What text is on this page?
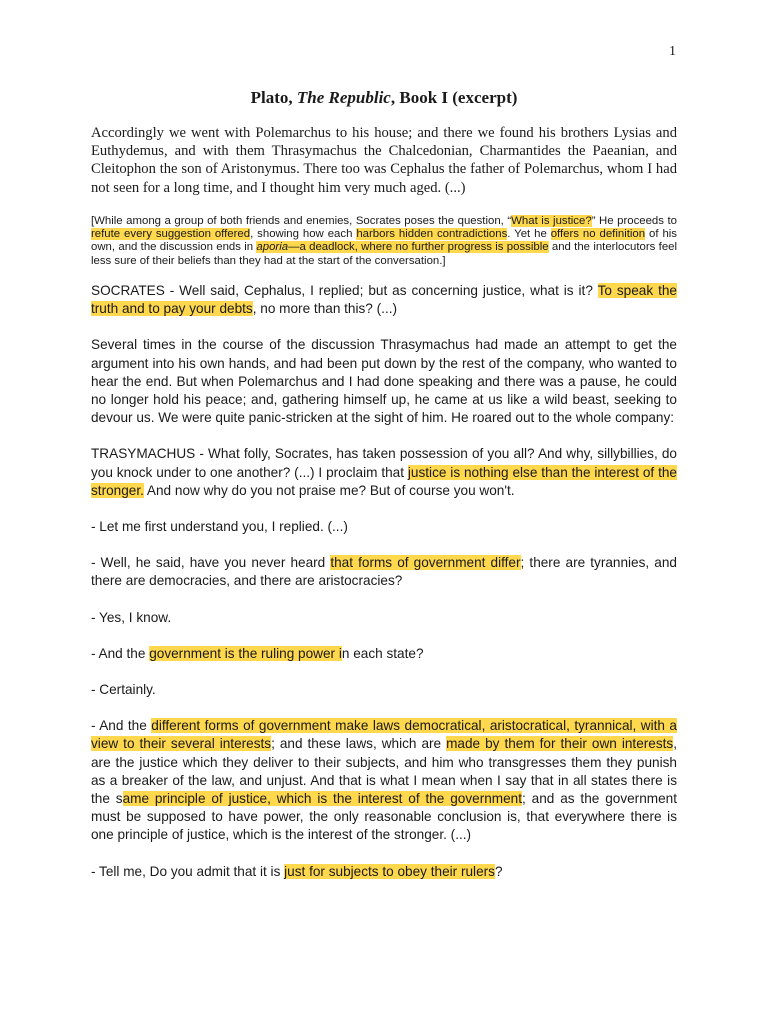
1
Plato, The Republic, Book I (excerpt)

Accordingly we went with Polemarchus to his house; and there we found his brothers Lysias and Euthydemus, and with them Thrasymachus the Chalcedonian, Charmantides the Paeanian, and Cleitophon the son of Aristonymus. There too was Cephalus the father of Polemarchus, whom I had not seen for a long time, and I thought him very much aged. (...)

[While among a group of both friends and enemies, Socrates poses the question, “What is justice?” He proceeds to refute every suggestion offered, showing how each harbors hidden contradictions. Yet he offers no definition of his own, and the discussion ends in aporia—a deadlock, where no further progress is possible and the interlocutors feel less sure of their beliefs than they had at the start of the conversation.]

SOCRATES - Well said, Cephalus, I replied; but as concerning justice, what is it? To speak the truth and to pay your debts, no more than this? (...)

Several times in the course of the discussion Thrasymachus had made an attempt to get the argument into his own hands, and had been put down by the rest of the company, who wanted to hear the end. But when Polemarchus and I had done speaking and there was a pause, he could no longer hold his peace; and, gathering himself up, he came at us like a wild beast, seeking to devour us. We were quite panic-stricken at the sight of him. He roared out to the whole company:

TRASYMACHUS - What folly, Socrates, has taken possession of you all? And why, sillybillies, do you knock under to one another? (...) I proclaim that justice is nothing else than the interest of the stronger. And now why do you not praise me? But of course you won't.

- Let me first understand you, I replied. (...)

- Well, he said, have you never heard that forms of government differ; there are tyrannies, and there are democracies, and there are aristocracies?

- Yes, I know.

- And the government is the ruling power in each state?

- Certainly.

- And the different forms of government make laws democratical, aristocratical, tyrannical, with a view to their several interests; and these laws, which are made by them for their own interests, are the justice which they deliver to their subjects, and him who transgresses them they punish as a breaker of the law, and unjust. And that is what I mean when I say that in all states there is the same principle of justice, which is the interest of the government; and as the government must be supposed to have power, the only reasonable conclusion is, that everywhere there is one principle of justice, which is the interest of the stronger. (...)

- Tell me, Do you admit that it is just for subjects to obey their rulers?
